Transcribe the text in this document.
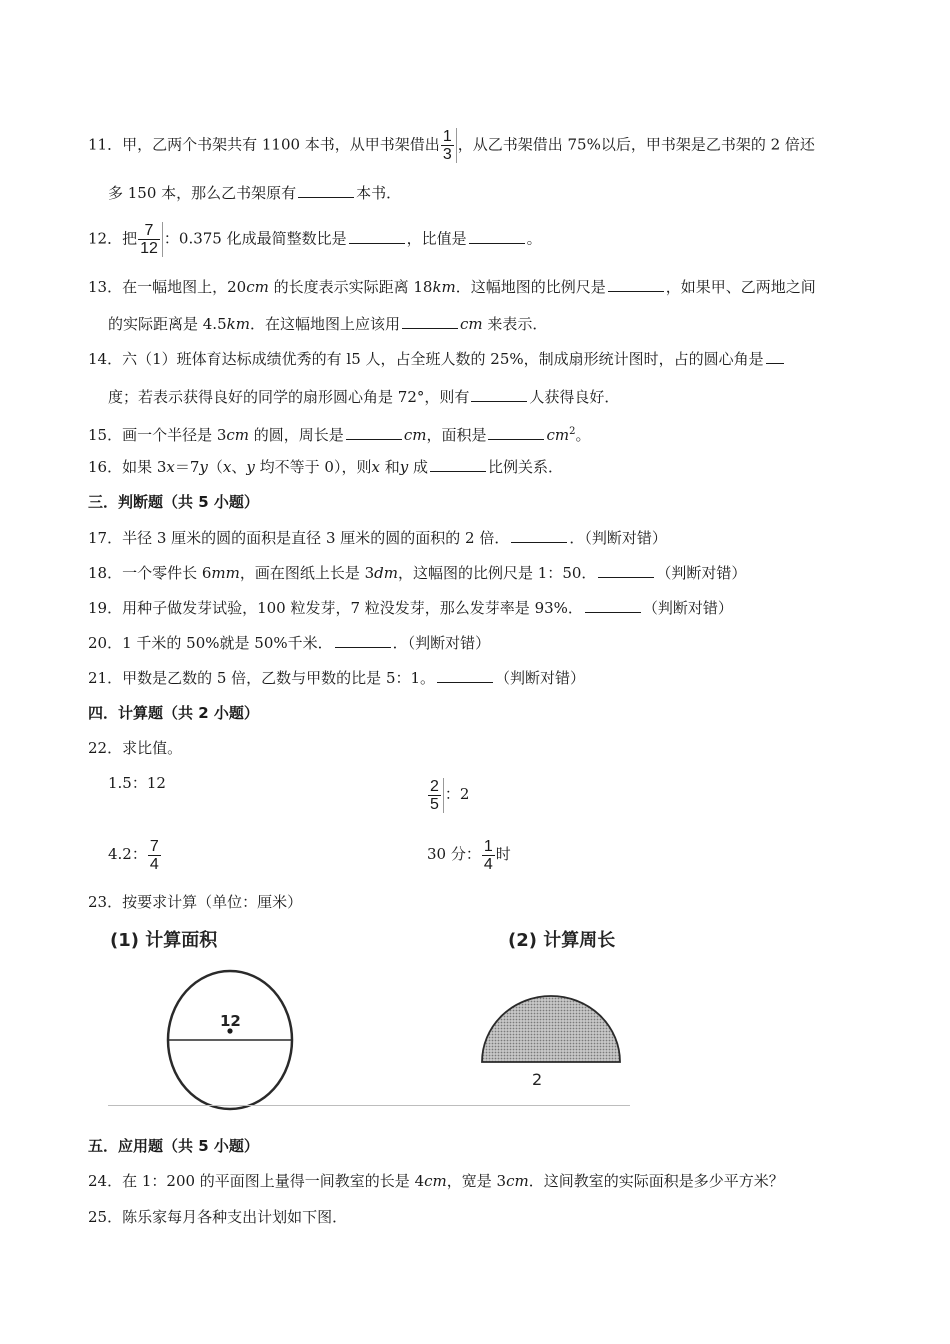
11．甲，乙两个书架共有 1100 本书，从甲书架借出 $\frac{1}{3}$ ，从乙书架借出 75%以后，甲书架是乙书架的 2 倍还
多 150 本，那么乙书架原有	本书．
12．把 $\frac{7}{12}$ ：0.375 化成最简整数比是	，比值是	。
13．在一幅地图上，20cm 的长度表示实际距离 18km．这幅地图的比例尺是	，如果甲、乙两地之间
的实际距离是 4.5km．在这幅地图上应该用	cm 来表示．
14．六（1）班体育达标成绩优秀的有 l5 人，占全班人数的 25%，制成扇形统计图时，占的圆心角是
度；若表示获得良好的同学的扇形圆心角是 72°，则有	人获得良好．
15．画一个半径是 3cm 的圆，周长是	cm，面积是	$cm^2$。
16．如果 3x＝7y（x、y 均不等于 0），则x 和y 成	比例关系．
三．判断题（共 5 小题）
17．半径 3 厘米的圆的面积是直径 3 厘米的圆的面积的 2 倍．	．（判断对错）
18．一个零件长 6mm，画在图纸上长是 3dm，这幅图的比例尺是 1：50．	（判断对错）
19．用种子做发芽试验，100 粒发芽，7 粒没发芽，那么发芽率是 93%．	（判断对错）
20．1 千米的 50%就是 50%千米．	．（判断对错）
21．甲数是乙数的 5 倍，乙数与甲数的比是 5：1。	（判断对错）
四．计算题（共 2 小题）
22．求比值。
1.5：12	$\frac{2}{5}$ ：2
4.2： $\frac{7}{4}$	30 分： $\frac{1}{4}$ 时
23．按要求计算（单位：厘米）
(1) 计算面积	(2) 计算周长
12
2
五．应用题（共 5 小题）
24．在 1：200 的平面图上量得一间教室的长是 4cm，宽是 3cm．这间教室的实际面积是多少平方米？
25．陈乐家每月各种支出计划如下图．
